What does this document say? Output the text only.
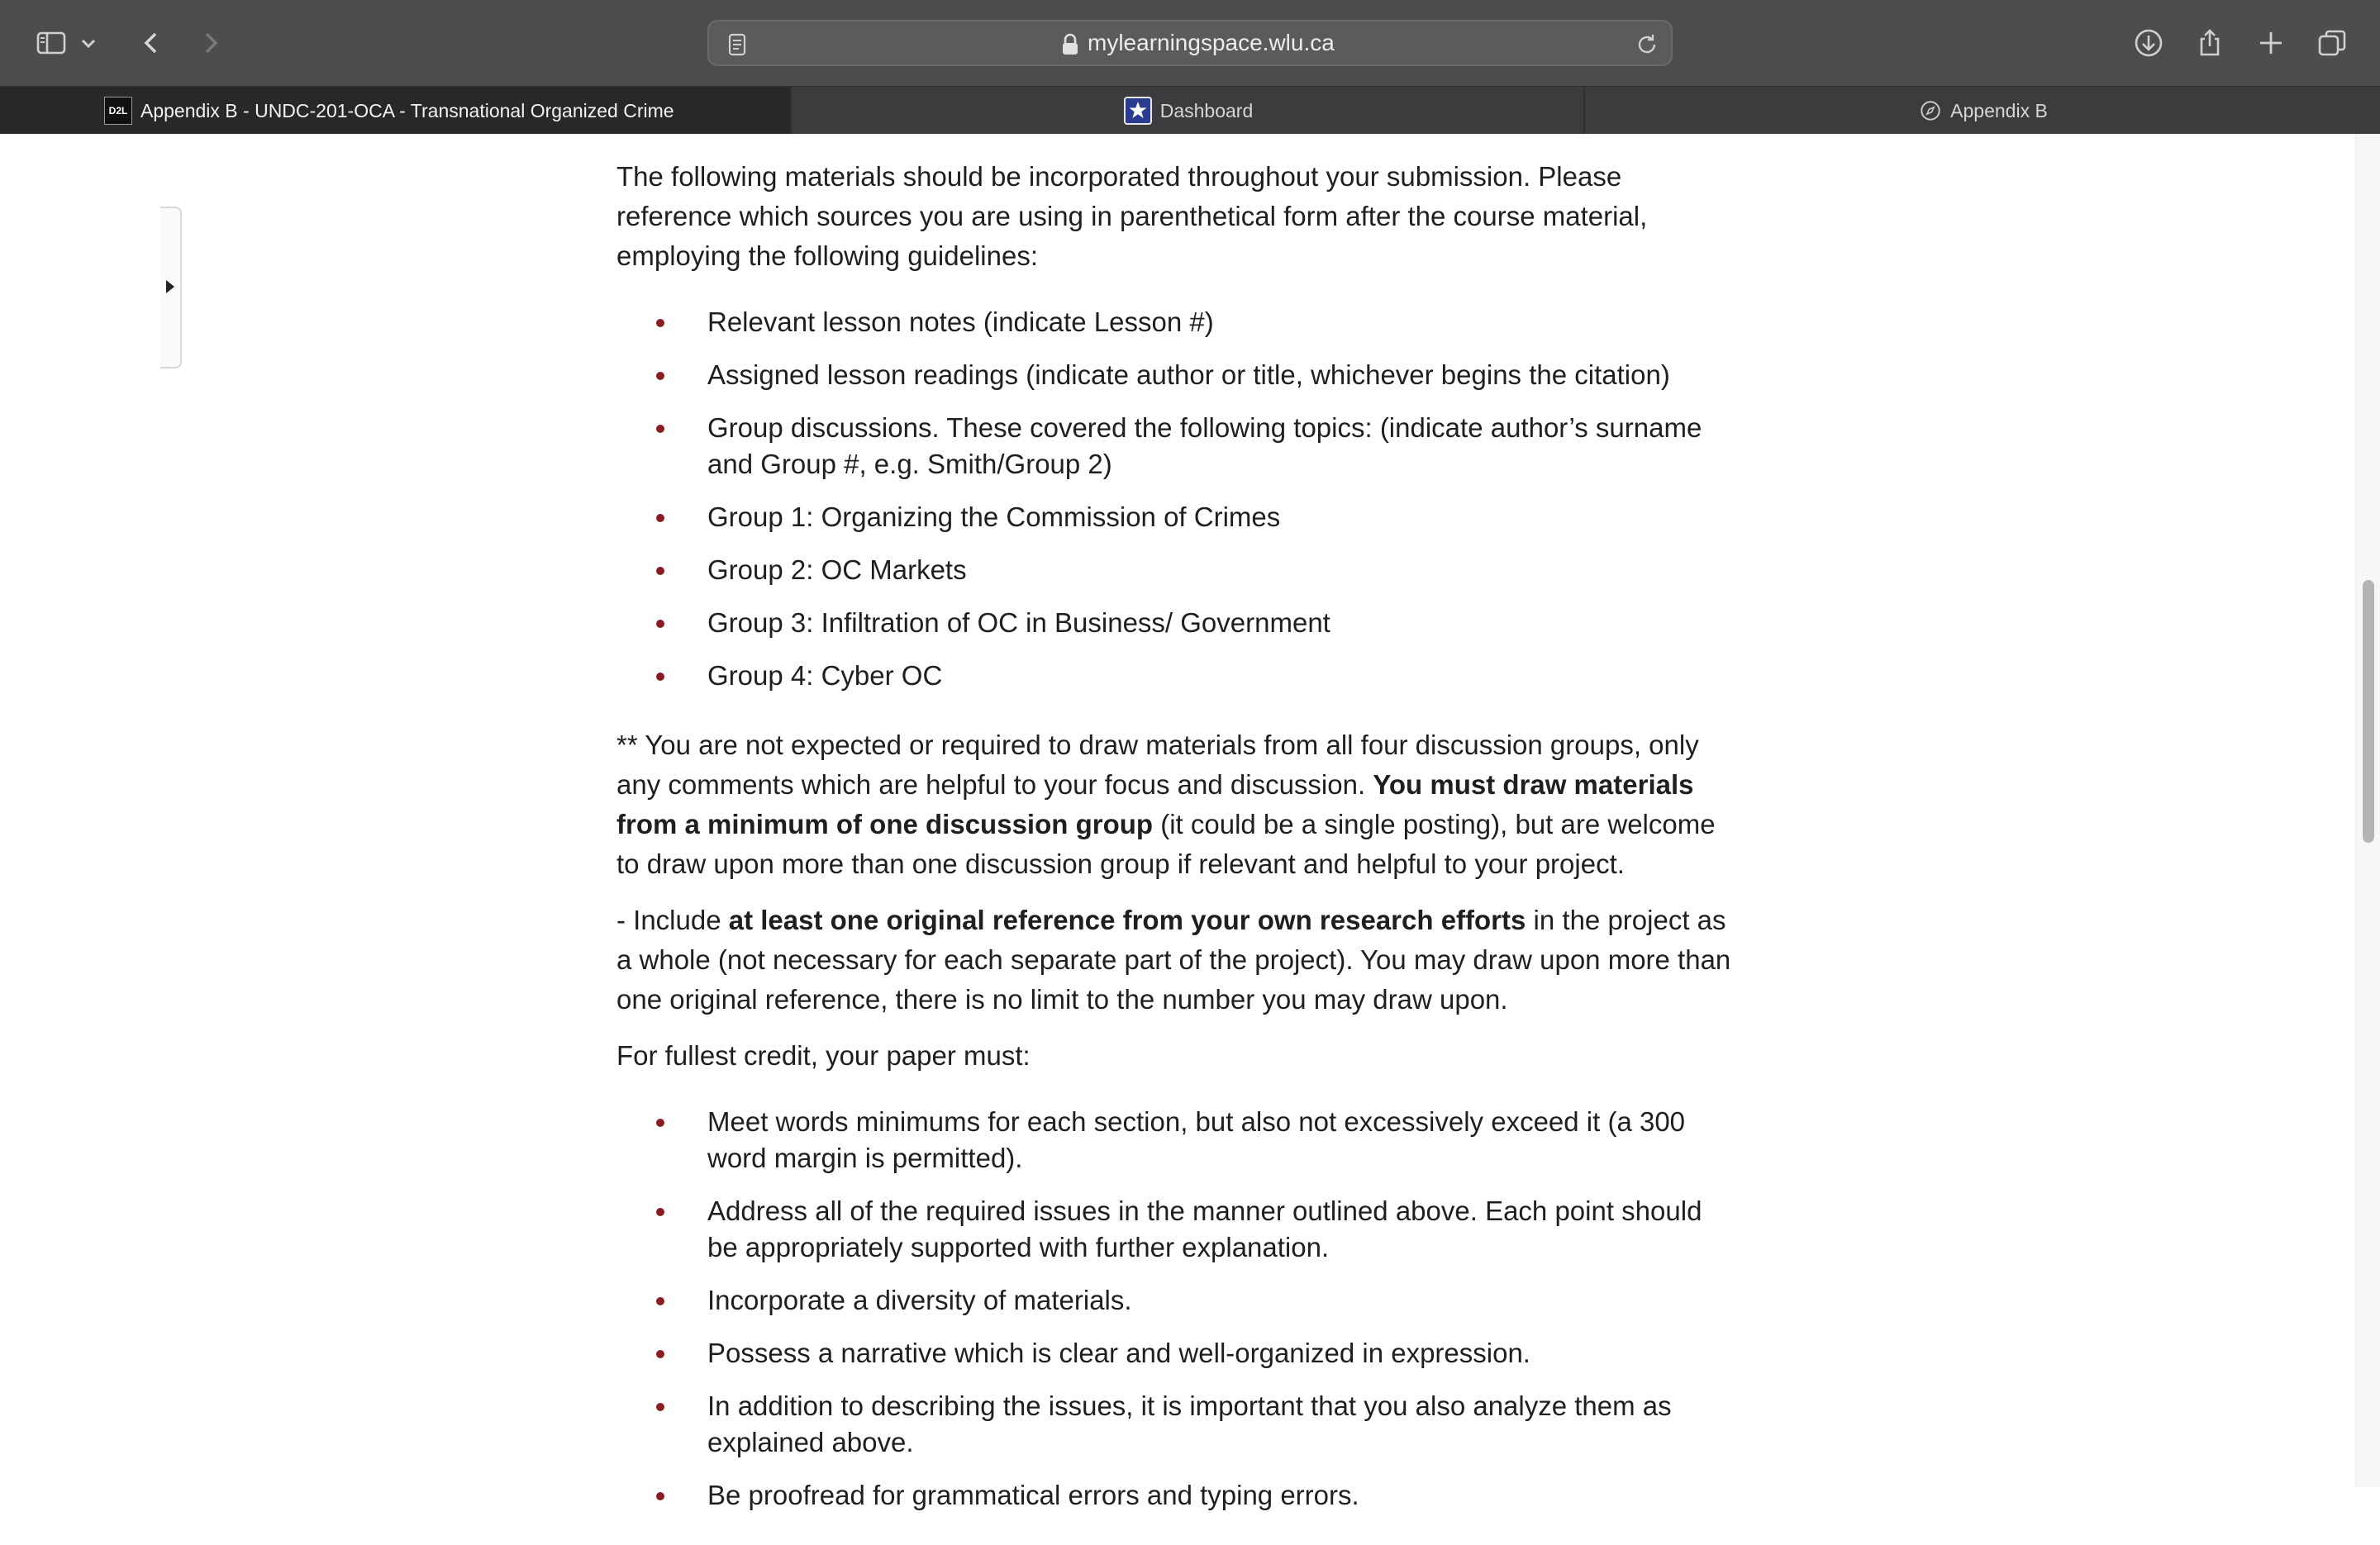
mylearningspace.wlu.ca
D2L Appendix B - UNDC-201-OCA - Transnational Organized Crime	Dashboard	Appendix B

The following materials should be incorporated throughout your submission. Please reference which sources you are using in parenthetical form after the course material, employing the following guidelines:

Relevant lesson notes (indicate Lesson #)
Assigned lesson readings (indicate author or title, whichever begins the citation)
Group discussions. These covered the following topics: (indicate author’s surname and Group #, e.g. Smith/Group 2)
Group 1: Organizing the Commission of Crimes
Group 2: OC Markets
Group 3: Infiltration of OC in Business/ Government
Group 4: Cyber OC

** You are not expected or required to draw materials from all four discussion groups, only any comments which are helpful to your focus and discussion. You must draw materials from a minimum of one discussion group (it could be a single posting), but are welcome to draw upon more than one discussion group if relevant and helpful to your project.

- Include at least one original reference from your own research efforts in the project as a whole (not necessary for each separate part of the project). You may draw upon more than one original reference, there is no limit to the number you may draw upon.

For fullest credit, your paper must:

Meet words minimums for each section, but also not excessively exceed it (a 300 word margin is permitted).
Address all of the required issues in the manner outlined above. Each point should be appropriately supported with further explanation.
Incorporate a diversity of materials.
Possess a narrative which is clear and well-organized in expression.
In addition to describing the issues, it is important that you also analyze them as explained above.
Be proofread for grammatical errors and typing errors.
